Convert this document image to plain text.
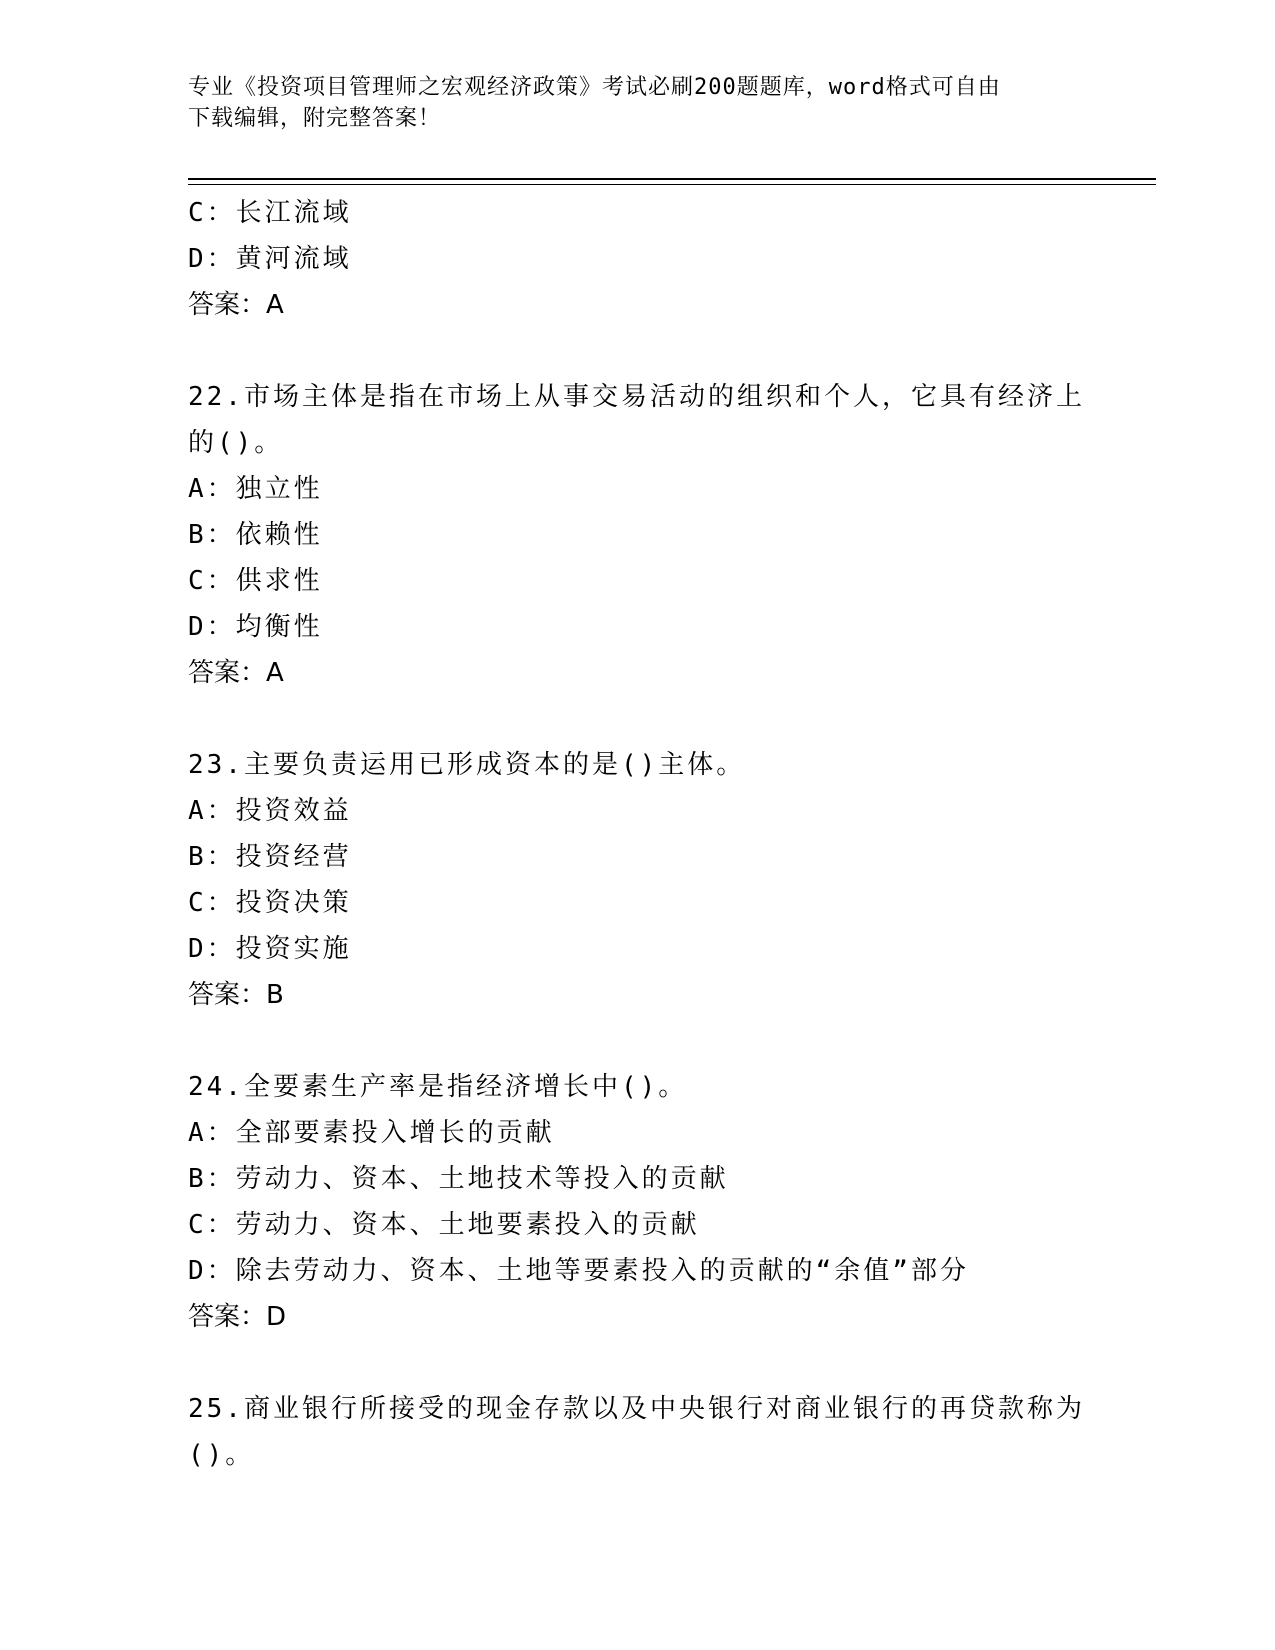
专业《投资项目管理师之宏观经济政策》考试必刷200题题库，word格式可自由
下载编辑，附完整答案！
C：长江流域
D：黄河流域
答案：A
22.市场主体是指在市场上从事交易活动的组织和个人，它具有经济上
的()。
A：独立性
B：依赖性
C：供求性
D：均衡性
答案：A
23.主要负责运用已形成资本的是()主体。
A：投资效益
B：投资经营
C：投资决策
D：投资实施
答案：B
24.全要素生产率是指经济增长中()。
A：全部要素投入增长的贡献
B：劳动力、资本、土地技术等投入的贡献
C：劳动力、资本、土地要素投入的贡献
D：除去劳动力、资本、土地等要素投入的贡献的“余值”部分
答案：D
25.商业银行所接受的现金存款以及中央银行对商业银行的再贷款称为
()。
